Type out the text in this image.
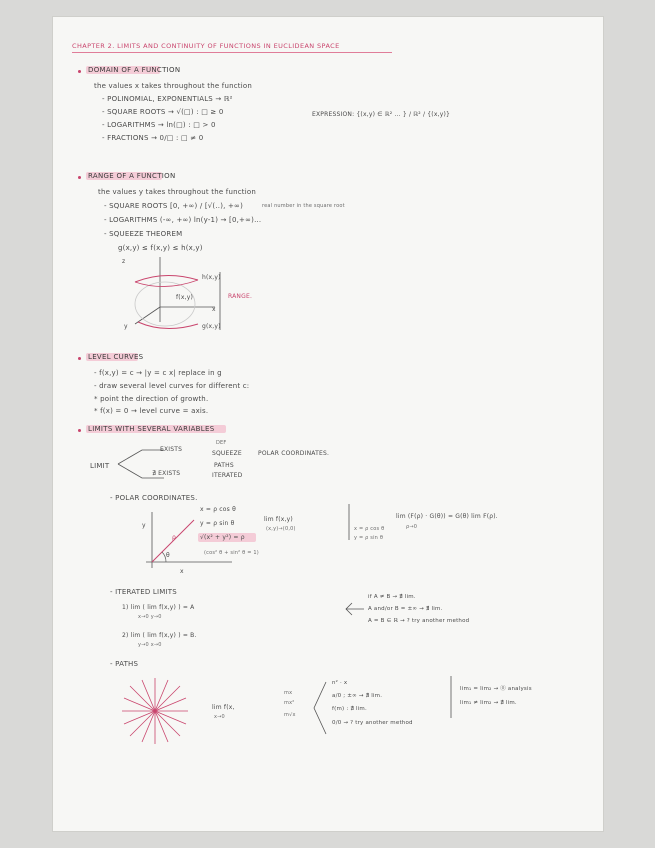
CHAPTER 2. LIMITS AND CONTINUITY OF FUNCTIONS IN EUCLIDEAN SPACE
DOMAIN OF A FUNCTION
the values x takes throughout the function
- POLINOMIAL, EXPONENTIALS → ℝ²
- SQUARE ROOTS → √(□) : □ ≥ 0
- LOGARITHMS → ln(□) : □ > 0
- FRACTIONS → 0/□ : □ ≠ 0
EXPRESSION: {(x,y) ∈ ℝ² ... } / ℝ² / {(x,y)}
RANGE OF A FUNCTION
the values y takes throughout the function
- SQUARE ROOTS [0, +∞) / [√(..), +∞)	real number in the square root
- LOGARITHMS (-∞, +∞) ln(y-1) → [0,+∞)...
- SQUEEZE THEOREM
g(x,y) ≤ f(x,y) ≤ h(x,y)
z
h(x,y)
f(x,y)
g(x,y)
y
x
RANGE.
LEVEL CURVES
- f(x,y) = c → |y = c x| replace in g
- draw several level curves for different c:
* point the direction of growth.
* f(x) = 0 → level curve = axis.
LIMITS WITH SEVERAL VARIABLES
LIMIT
EXISTS
∄ EXISTS
DEF
SQUEEZE
PATHS
ITERATED
POLAR COORDINATES.
- POLAR COORDINATES.
y
x
ρ
θ
x = ρ cos θ
y = ρ sin θ
√(x² + y²) = ρ
(cos² θ + sin² θ = 1)
lim f(x,y)
(x,y)→(0,0)	x = ρ cos θ
y = ρ sin θ
lim (F(ρ) · G(θ)) = G(θ) lim F(ρ).
ρ→0
- ITERATED LIMITS
1) lim ( lim f(x,y) ) = A
x→0 y→0
2) lim ( lim f(x,y) ) = B.
y→0 x→0
if A ≠ B → ∄ lim.
A and/or B = ±∞ → ∄ lim.
A = B ∈ ℝ → ? try another method
- PATHS
lim f(x,
x→0
mx
mx²
m√x
n² · x
a/0 ; ±∞ → ∄ lim.
f(m) : ∄ lim.
0/0 → ? try another method
lim₁ = lim₂ → ⓪ analysis
lim₁ ≠ lim₂ → ∄ lim.
